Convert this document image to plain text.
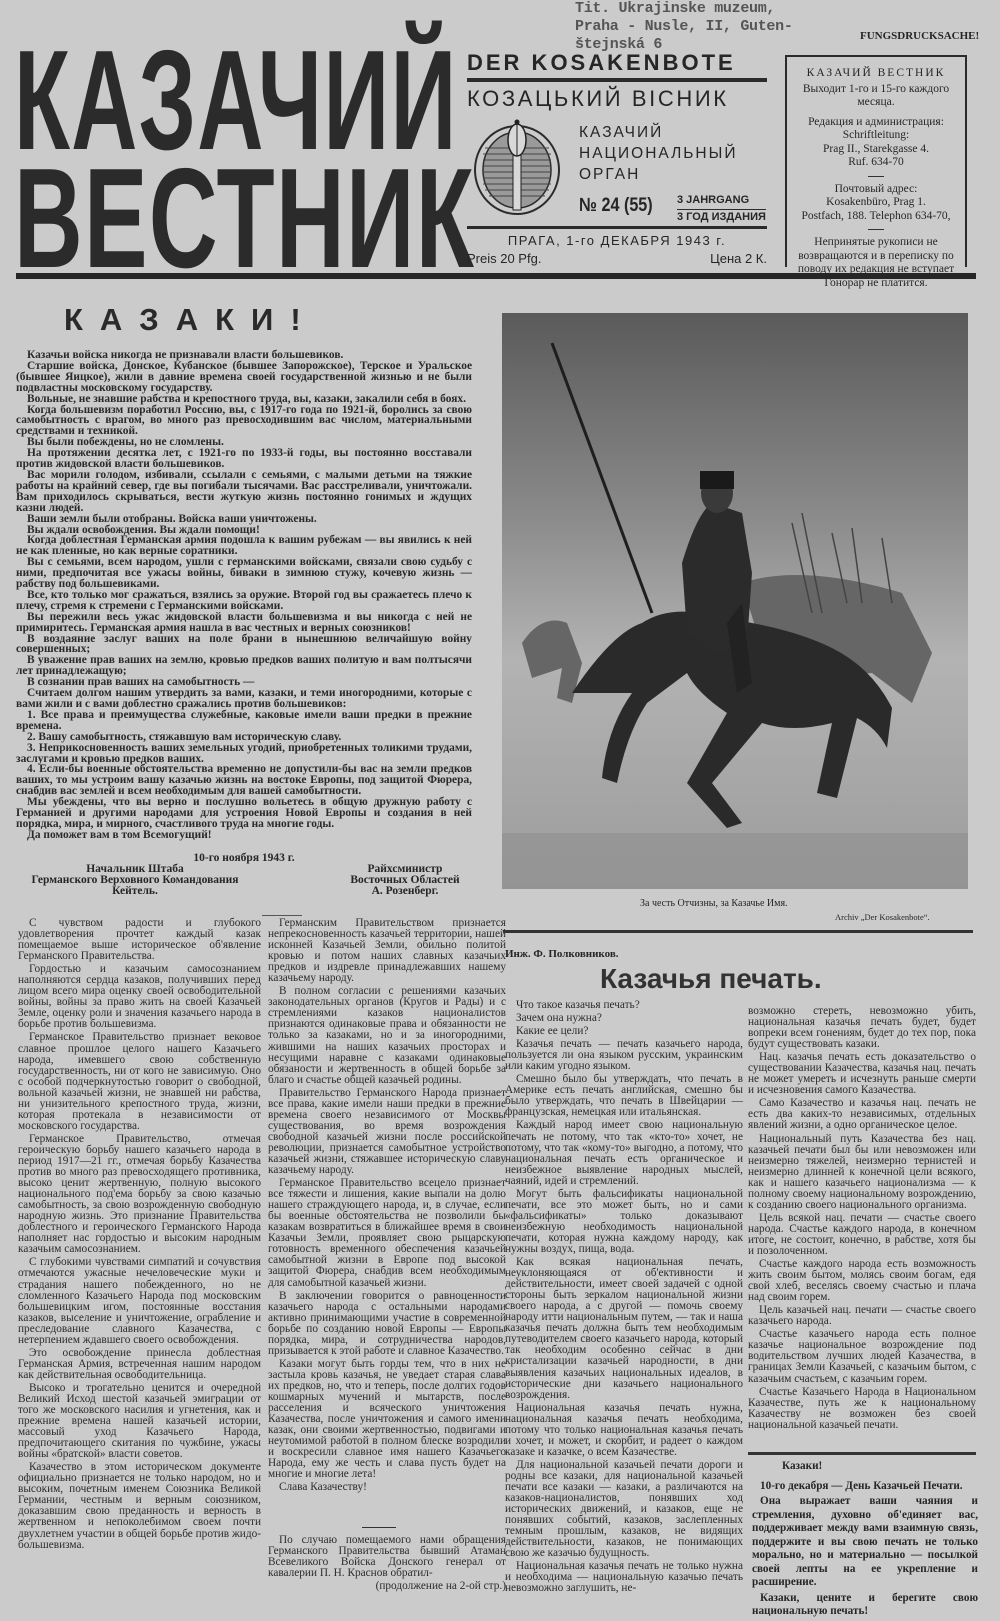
Tit. Ukrajinske muzeum,
Praha - Nusle, II, Guten-
štejnská 6	FUNGSDRUCKSACHE!
КАЗАЧИЙ
ВЕСТНИК
DER KOSAKENBOTE
КОЗАЦЬКИЙ ВІСНИК
КАЗАЧИЙ
НАЦИОНАЛЬНЫЙ
ОРГАН
№ 24 (55) 3 JAHRGANG
3 ГОД ИЗДАНИЯ
ПРАГА, 1-го ДЕКАБРЯ 1943 г.
Preis 20 Pfg.	Цена 2 К.
КАЗАЧИЙ ВЕСТНИК
Выходит 1-го и 15-го каждого месяца.
Редакция и администрация:
Schriftleitung:
Prag II., Starekgasse 4.
Ruf. 634-70
Почтовый адрес:
Kosakenbüro, Prag 1.
Postfach, 188. Telephon 634-70,
Непринятые рукописи не возвращаются и в переписку по поводу их редакция не вступает
Гонорар не платится.
КАЗАКИ!

Казачьи войска никогда не признавали власти большевиков.

Старшие войска, Донское, Кубанское (бывшее Запорожское), Терское и Уральское (бывшее Яицкое), жили в давние времена своей государственной жизнью и не были подвластны московскому государству.

Вольные, не знавшие рабства и крепостного труда, вы, казаки, закалили себя в боях.

Когда большевизм поработил Россию, вы, с 1917-го года по 1921-й, боролись за свою самобытность с врагом, во много раз превосходившим вас числом, материальными средствами и техникой.

Вы были побеждены, но не сломлены.

На протяжении десятка лет, с 1921-го по 1933-й годы, вы постоянно восставали против жидовской власти большевиков.

Вас морили голодом, избивали, ссылали с семьями, с малыми детьми на тяжкие работы на крайний север, где вы погибали тысячами. Вас расстреливали, уничтожали. Вам приходилось скрываться, вести жуткую жизнь постоянно гонимых и ждущих казни людей.

Ваши земли были отобраны. Войска ваши уничтожены.

Вы ждали освобождения. Вы ждали помощи!

Когда доблестная Германская армия подошла к вашим рубежам — вы явились к ней не как пленные, но как верные соратники.

Вы с семьями, всем народом, ушли с германскими войсками, связали свою судьбу с ними, предпочитая все ужасы войны, биваки в зимнюю стужу, кочевую жизнь — рабству под большевиками.

Все, кто только мог сражаться, взялись за оружие. Второй год вы сражаетесь плечо к плечу, стремя к стремени с Германскими войсками.

Вы пережили весь ужас жидовской власти большевизма и вы никогда с ней не примиритесь. Германская армия нашла в вас честных и верных союзников!

В воздаяние заслуг ваших на поле брани в нынешнюю величайшую войну совершенных;

В уважение прав ваших на землю, кровью предков ваших политую и вам полтысячи лет принадлежащую;

В сознании прав ваших на самобытность —

Считаем долгом нашим утвердить за вами, казаки, и теми иногородними, которые с вами жили и с вами доблестно сражались против большевиков:

1. Все права и преимущества служебные, каковые имели ваши предки в прежние времена.

2. Вашу самобытность, стяжавшую вам историческую славу.

3. Неприкосновенность ваших земельных угодий, приобретенных толикими трудами, заслугами и кровью предков ваших.

4. Если-бы военные обстоятельства временно не допустили-бы вас на земли предков ваших, то мы устроим вашу казачью жизнь на востоке Европы, под защитой Фюрера, снабдив вас землей и всем необходимым для вашей самобытности.

Мы убеждены, что вы верно и послушно вольетесь в общую дружную работу с Германией и другими народами для устроения Новой Европы и создания в ней порядка, мира, и мирного, счастливого труда на многие годы.

Да поможет вам в том Всемогущий!

10-го ноября 1943 г.
Начальник Штаба
Германского Верховного Командования
Кейтель.
Райхсминистр
Восточных Областей
А. Розенберг.
За честь Отчизны, за Казачье Имя.
Archiv „Der Kosakenbote“.

С чувством радости и глубокого удовлетворения прочтет каждый казак помещаемое выше историческое об'явление Германского Правительства.

Гордостью и казачьим самосознанием наполняются сердца казаков, получивших перед лицом всего мира оценку своей освободительной войны, войны за право жить на своей Казачьей Земле, оценку роли и значения казачьего народа в борьбе против большевизма.

Германское Правительство признает вековое славное прошлое целого нашего Казачьего народа, имевшего свою собственную государственность, ни от кого не зависимую. Оно с особой подчеркнутостью говорит о свободной, вольной казачьей жизни, не знавшей ни рабства, ни унизительного крепостного труда, жизни, которая протекала в независимости от московского государства.

Германское Правительство, отмечая героическую борьбу нашего казачьего народа в период 1917—21 гг., отмечая борьбу Казачества против во много раз превосходящего противника, высоко ценит жертвенную, полную высокого национального под'ема борьбу за свою казачью самобытность, за свою возрожденную свободную народную жизнь. Это признание Правительства доблестного и героического Германского Народа наполняет нас гордостью и высоким народным казачьим самосознанием.

С глубокими чувствами симпатий и сочувствия отмечаются ужасные нечеловеческие муки и страдания нашего побежденного, но не сломленного Казачьего Народа под московским большевицким игом, постоянные восстания казаков, выселение и уничтожение, ограбление и преследование славного Казачества, с нетерпением ждавшего своего освобождения.

Это освобождение принесла доблестная Германская Армия, встреченная нашим народом как действительная освободительница.

Высоко и трогательно ценится и очередной Великий Исход шестой казачьей эмиграции от того же московского насилия и угнетения, как и прежние времена нашей казачьей истории, массовый уход Казачьего Народа, предпочитающего скитания по чужбине, ужасы войны «братской» власти советов.

Казачество в этом историческом документе официально признается не только народом, но и высоким, почетным именем Союзника Великой Германии, честным и верным союзником, доказавшим свою преданность и верность в жертвенном и непоколебимом своем почти двухлетнем участии в общей борьбе против жидо-большевизма.

Германским Правительством признается непрекосновенность казачьей территории, нашей исконней Казачьей Земли, обильно политой кровью и потом наших славных казачьих предков и издревле принадлежавших нашему казачьему народу.

В полном согласии с решениями казачьих законодательных органов (Кругов и Рады) и с стремлениями казаков националистов признаются одинаковые права и обязанности не только за казаками, но и за иногородними, жившими на наших казачьих просторах и несущими наравне с казаками одинаковые обязаности и жертвенность в общей борьбе за благо и счастье общей казачьей родины.

Правительство Германского Народа признает все права, какие имели наши предки в прежние времена своего независимого от Москвы существования, во время возрождения свободной казачьей жизни после российской революции, признается самобытное устройство казачьей жизни, стяжавшее историческую славу казачьему народу.

Германское Правительство всецело признает все тяжести и лишения, какие выпали на долю нашего страждующего народа, и, в случае, если бы военные обстоятельства не позволили бы казакам возвратиться в ближайшее время в свои Казачьи Земли, проявляет свою рыцарскую готовность временного обеспечения казачьей самобытной жизни в Европе под высокой защитой Фюрера, снабдив всем необходимым для самобытной казачьей жизни.

В заключении говорится о равноценности казачьего народа с остальными народами активно принимающими участие в современной борьбе по созданию новой Европы — Европы порядка, мира, и сотрудничества народов, призывается к этой работе и славное Казачество.

Казаки могут быть горды тем, что в них не застыла кровь казачья, не уведает старая слава их предков, но, что и теперь, после долгих годов кошмарных мучений и мытарств, после расселения и всяческого уничтожения Казачества, после уничтожения и самого имени казак, они своими жертвенностью, подвигами и неутомимой работой в полном блеске возродили и воскресили славное имя нашего Казачьего Народа, ему же честь и слава пусть будет на многие и многие лета!

Слава Казачеству!

По случаю помещаемого нами обращения Германского Правительства бывший Атаман Всевеликого Войска Донского генерал от кавалерии П. Н. Краснов обратил-

(продолжение на 2-ой стр.)

Инж. Ф. Полковников.
Казачья печать.

Что такое казачья печать?

Зачем она нужна?

Какие ее цели?

Казачья печать — печать казачьего народа, пользуется ли она языком русским, украинским или каким угодно языком.

Смешно было бы утверждать, что печать в Америке есть печать английская, смешно бы было утверждать, что печать в Швейцарии — французская, немецкая или итальянская.

Каждый народ имеет свою национальную печать не потому, что так «кто-то» хочет, не потому, что так «кому-то» выгодно, а потому, что национальная печать есть органическое и неизбежное выявление народных мыслей, чаяний, идей и стремлений.

Могут быть фальсификаты национальной печати, все это может быть, но и сами «фальсификаты» только доказывают неизбежную необходимость национальной печати, которая нужна каждому народу, как нужны воздух, пища, вода.

Как всякая национальная печать, неуклоняющаяся от об'ективности и действительности, имеет своей задачей с одной стороны быть зеркалом национальной жизни своего народа, а с другой — помочь своему народу итти национальным путем, — так и наша казачья печать должна быть тем необходимым путеводителем своего казачьего народа, который так необходим особенно сейчас в дни кристализации казачьей народности, в дни выявления казачьих национальных идеалов, в исторические дни казачьего национального возрождения.

Национальная казачья печать нужна, национальная казачья печать необходима, потому что только национальная казачья печать и хочет, и может, и скорбит, и радеет о каждом казаке и казачке, о всем Казачестве.

Для национальной казачьей печати дороги и родны все казаки, для национальной казачьей печати все казаки — казаки, а различаются на казаков-националистов, понявших ход исторических движений, и казаков, еще не понявших событий, казаков, заслепленных темным прошлым, казаков, не видящих действительности, казаков, не понимающих свою же казачью будущность.

Национальная казачья печать не только нужна и необходима — национальную казачью печать невозможно заглушить, не-

возможно стереть, невозможно убить, национальная казачья печать будет, будет вопреки всем гонениям, будет до тех пор, пока будут существовать казаки.

Нац. казачья печать есть доказательство о существовании Казачества, казачья нац. печать не может умереть и исчезнуть раньше смерти и исчезновения самого Казачества.

Само Казачество и казачья нац. печать не есть два каких-то независимых, отдельных явлений жизни, а одно органическое целое.

Национальный путь Казачества без нац. казачьей печати был бы или невозможен или неизмерно тяжелей, неизмерно тернистей и неизмерно длинней к конечной цели всякого, как и нашего казачьего национализма — к полному своему национальному возрождению, к созданию своего национального организма.

Цель всякой нац. печати — счастье своего народа. Счастье каждого народа, в конечном итоге, не состоит, конечно, в рабстве, хотя бы и позолоченном.

Счастье каждого народа есть возможность жить своим бытом, молясь своим богам, едя свой хлеб, веселясь своему счастью и плача над своим горем.

Цель казачьей нац. печати — счастье своего казачьего народа.

Счастье казачьего народа есть полное казачье национальное возрождение под водительством лучших людей Казачества, в границах Земли Казачьей, с казачьим бытом, с казачьим счастьем, с казачьим горем.

Счастье Казачьего Народа в Национальном Казачестве, путь же к национальному Казачеству не возможен без своей национальной казачьей печати.

Казаки!

10-го декабря — День Казачьей Печати.

Она выражает ваши чаяния и стремления, духовно об'единяет вас, поддерживает между вами взаимную связь, поддержите и вы свою печать не только морально, но и материально — посылкой своей лепты на ее укрепление и расширение.

Казаки, цените и берегите свою национальную печать!
